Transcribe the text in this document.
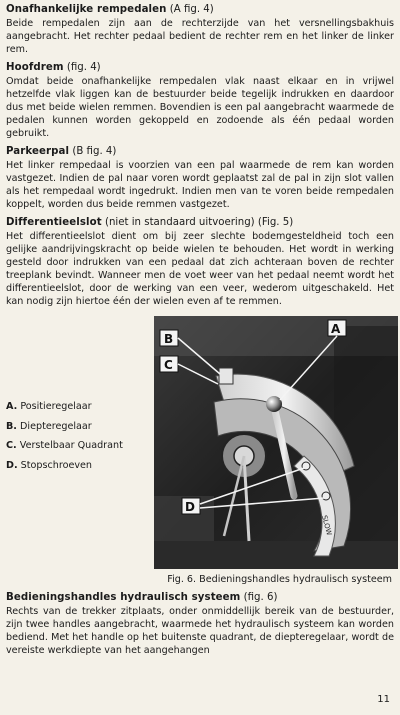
Onafhankelijke rempedalen (A fig. 4)
Beide rempedalen zijn aan de rechterzijde van het versnellingsbakhuis aangebracht. Het rechter pedaal bedient de rechter rem en het linker de linker rem.
Hoofdrem (fig. 4)
Omdat beide onafhankelijke rempedalen vlak naast elkaar en in vrijwel hetzelfde vlak liggen kan de bestuurder beide tegelijk indrukken en daardoor dus met beide wielen remmen. Bovendien is een pal aangebracht waarmede de pedalen kunnen worden gekoppeld en zodoende als één pedaal worden gebruikt.
Parkeerpal (B fig. 4)
Het linker rempedaal is voorzien van een pal waarmede de rem kan worden vastgezet. Indien de pal naar voren wordt geplaatst zal de pal in zijn slot vallen als het rempedaal wordt ingedrukt. Indien men van te voren beide rempedalen koppelt, worden dus beide remmen vastgezet.
Differentieelslot (niet in standaard uitvoering) (Fig. 5)
Het differentieelslot dient om bij zeer slechte bodemgesteldheid toch een gelijke aandrijvingskracht op beide wielen te behouden. Het wordt in werking gesteld door indrukken van een pedaal dat zich achteraan boven de rechter treeplank bevindt. Wanneer men de voet weer van het pedaal neemt wordt het differentieelslot, door de werking van een veer, wederom uitgeschakeld. Het kan nodig zijn hiertoe één der wielen even af te remmen.
A. Positieregelaar
B. Diepteregelaar
C. Verstelbaar Quadrant
D. Stopschroeven
SLOW
B
C
A
D
Fig. 6. Bedieningshandles hydraulisch systeem
Bedieningshandles hydraulisch systeem (fig. 6)
Rechts van de trekker zitplaats, onder onmiddellijk bereik van de bestuurder, zijn twee handles aangebracht, waarmede het hydraulisch systeem kan worden bediend. Met het handle op het buitenste quadrant, de diepteregelaar, wordt de vereiste werkdiepte van het aangehangen
11
